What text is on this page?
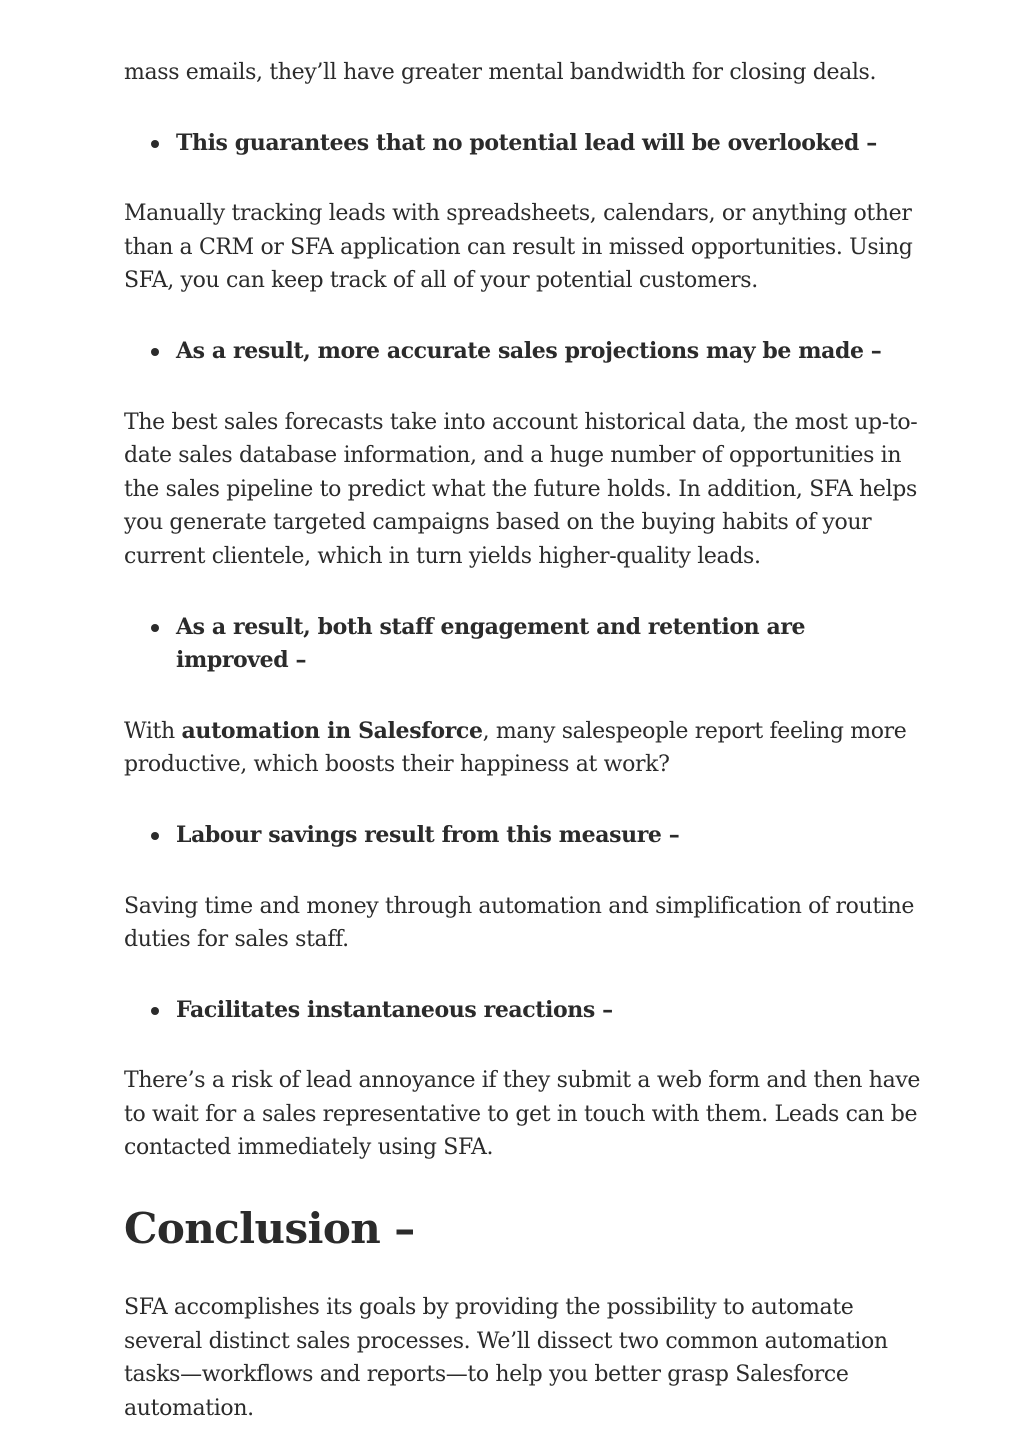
mass emails, they’ll have greater mental bandwidth for closing deals.

This guarantees that no potential lead will be overlooked –

Manually tracking leads with spreadsheets, calendars, or anything other than a CRM or SFA application can result in missed opportunities. Using SFA, you can keep track of all of your potential customers.

As a result, more accurate sales projections may be made –

The best sales forecasts take into account historical data, the most up-to-date sales database information, and a huge number of opportunities in the sales pipeline to predict what the future holds. In addition, SFA helps you generate targeted campaigns based on the buying habits of your current clientele, which in turn yields higher-quality leads.

As a result, both staff engagement and retention are improved –

With automation in Salesforce, many salespeople report feeling more productive, which boosts their happiness at work?

Labour savings result from this measure –

Saving time and money through automation and simplification of routine duties for sales staff.

Facilitates instantaneous reactions –

There’s a risk of lead annoyance if they submit a web form and then have to wait for a sales representative to get in touch with them. Leads can be contacted immediately using SFA.

Conclusion –

SFA accomplishes its goals by providing the possibility to automate several distinct sales processes. We’ll dissect two common automation tasks—workflows and reports—to help you better grasp Salesforce automation.
